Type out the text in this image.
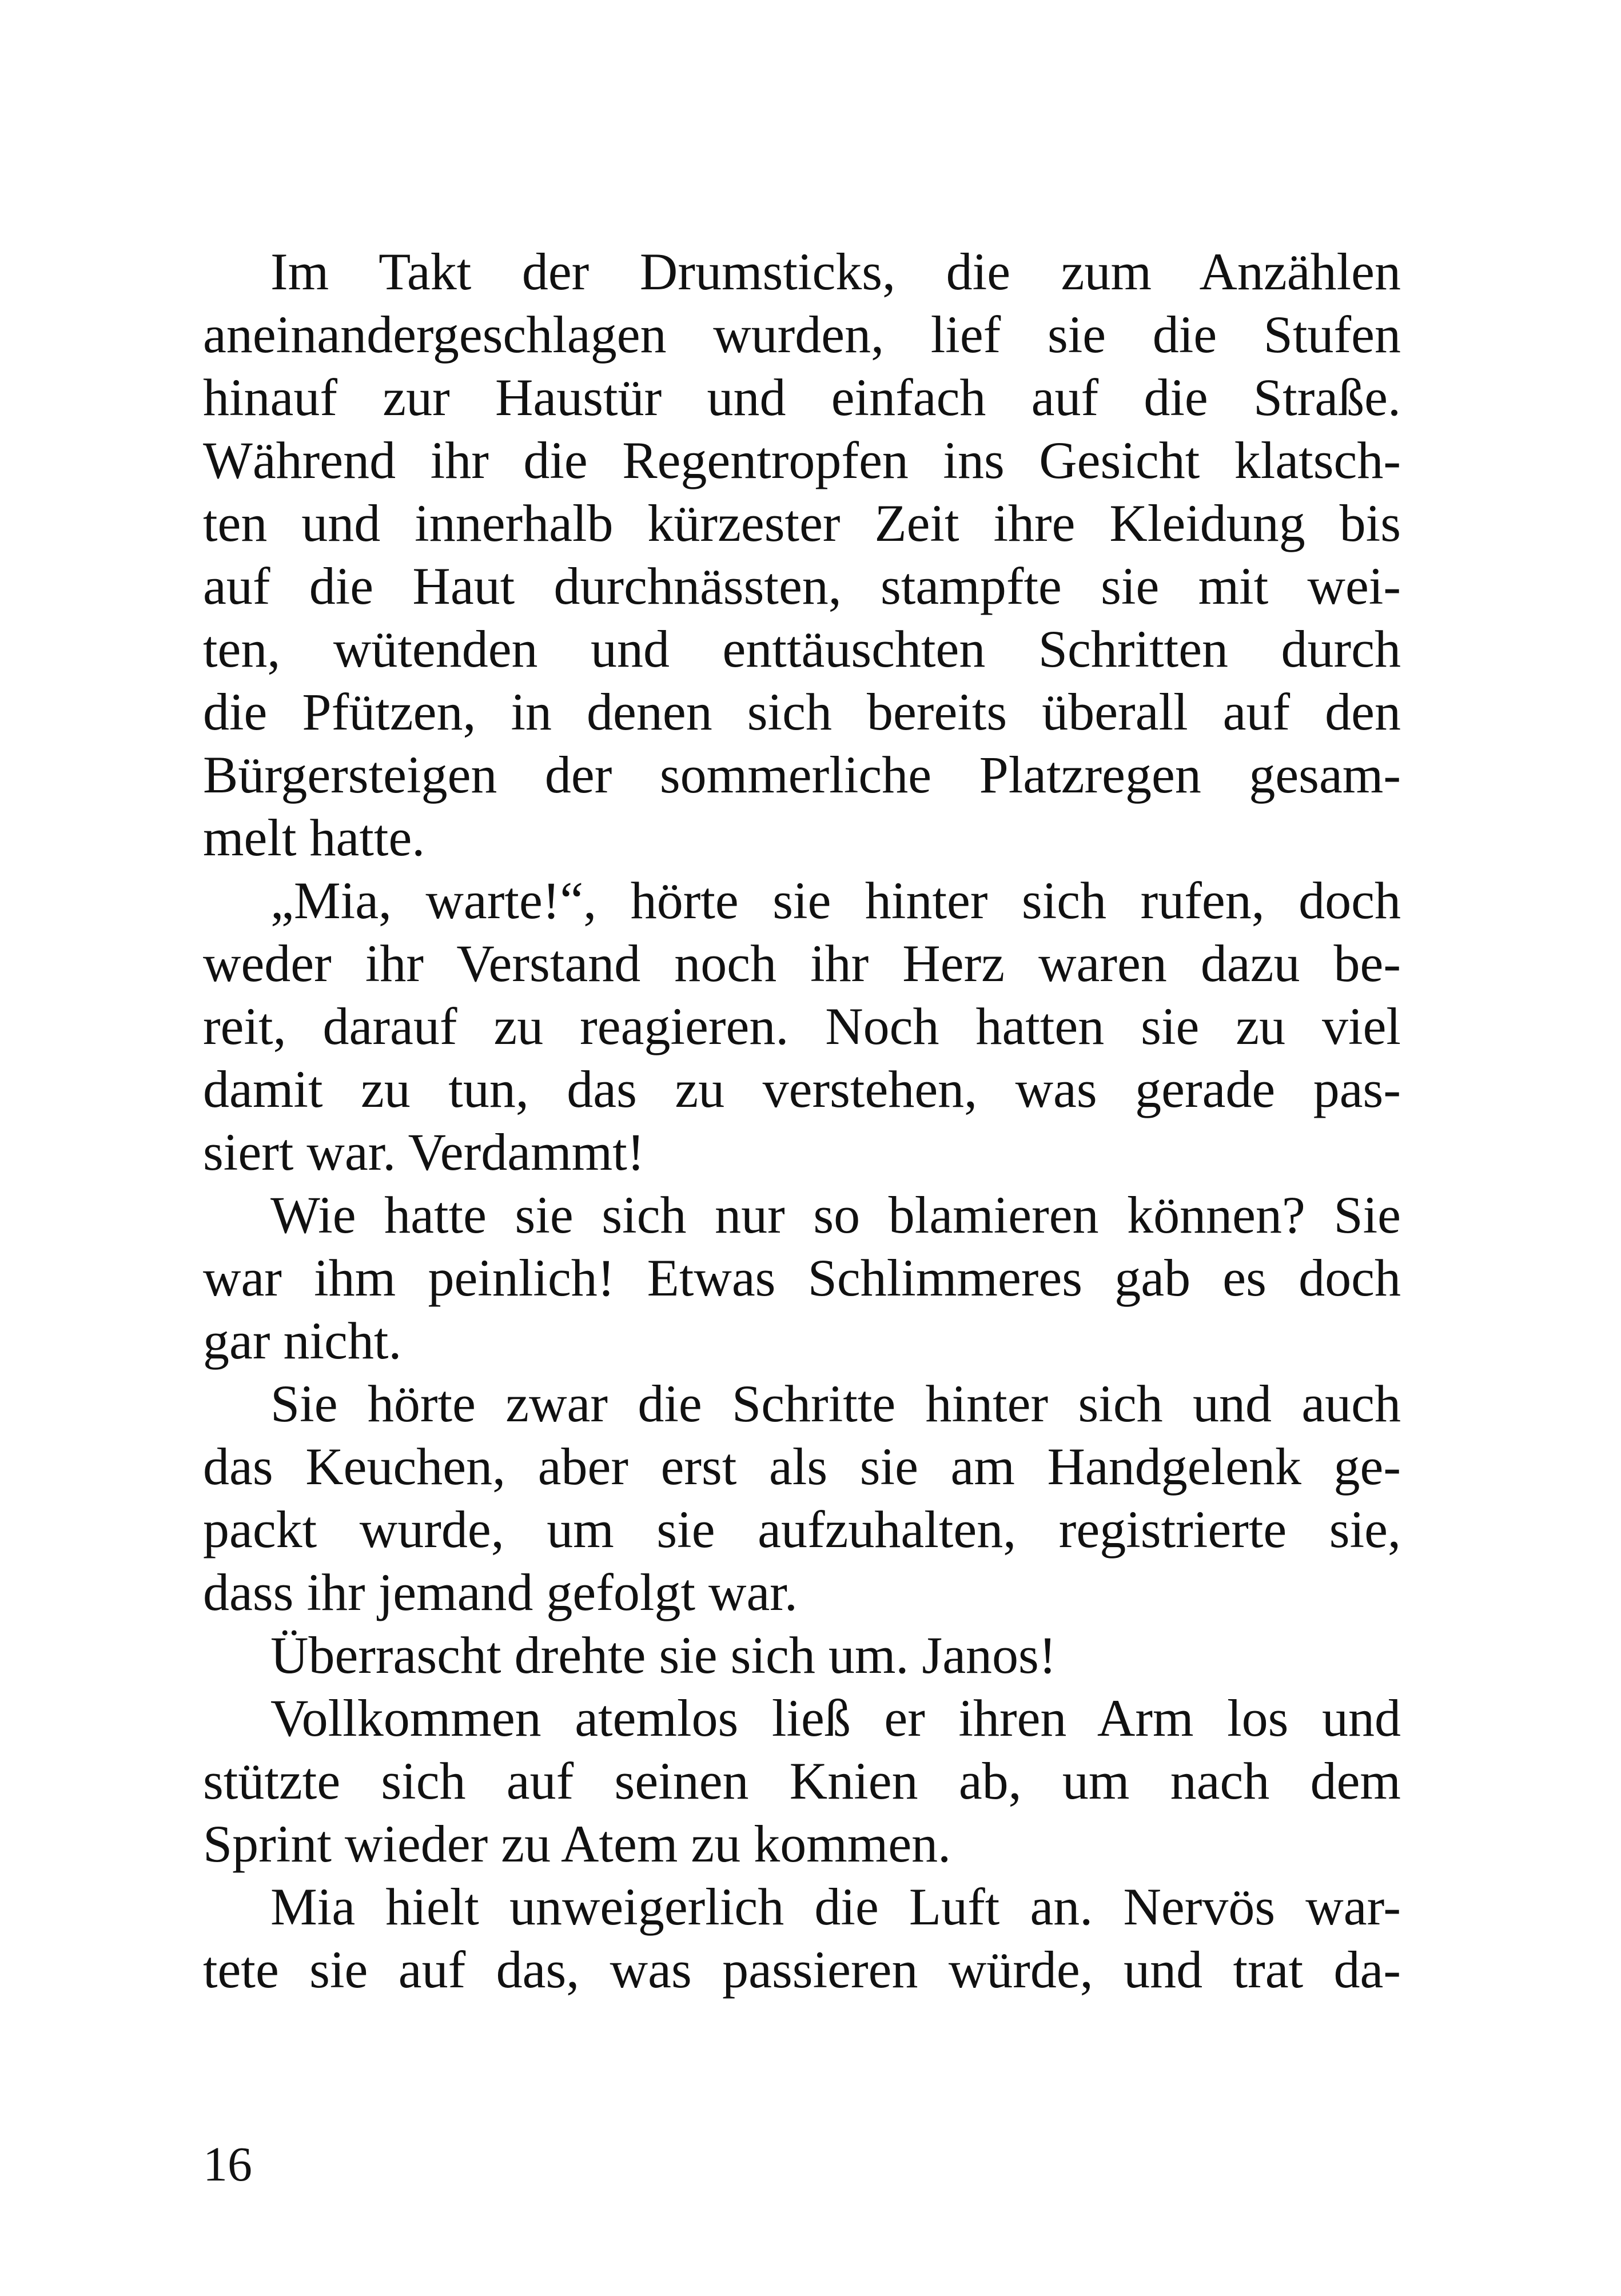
Im Takt der Drumsticks, die zum Anzählen
aneinandergeschlagen wurden, lief sie die Stufen
hinauf zur Haustür und einfach auf die Straße.
Während ihr die Regentropfen ins Gesicht klatsch-
ten und innerhalb kürzester Zeit ihre Kleidung bis
auf die Haut durchnässten, stampfte sie mit wei-
ten, wütenden und enttäuschten Schritten durch
die Pfützen, in denen sich bereits überall auf den
Bürgersteigen der sommerliche Platzregen gesam-
melt hatte.
„Mia, warte!“, hörte sie hinter sich rufen, doch
weder ihr Verstand noch ihr Herz waren dazu be-
reit, darauf zu reagieren. Noch hatten sie zu viel
damit zu tun, das zu verstehen, was gerade pas-
siert war. Verdammt!
Wie hatte sie sich nur so blamieren können? Sie
war ihm peinlich! Etwas Schlimmeres gab es doch
gar nicht.
Sie hörte zwar die Schritte hinter sich und auch
das Keuchen, aber erst als sie am Handgelenk ge-
packt wurde, um sie aufzuhalten, registrierte sie,
dass ihr jemand gefolgt war.
Überrascht drehte sie sich um. Janos!
Vollkommen atemlos ließ er ihren Arm los und
stützte sich auf seinen Knien ab, um nach dem
Sprint wieder zu Atem zu kommen.
Mia hielt unweigerlich die Luft an. Nervös war-
tete sie auf das, was passieren würde, und trat da-
16
